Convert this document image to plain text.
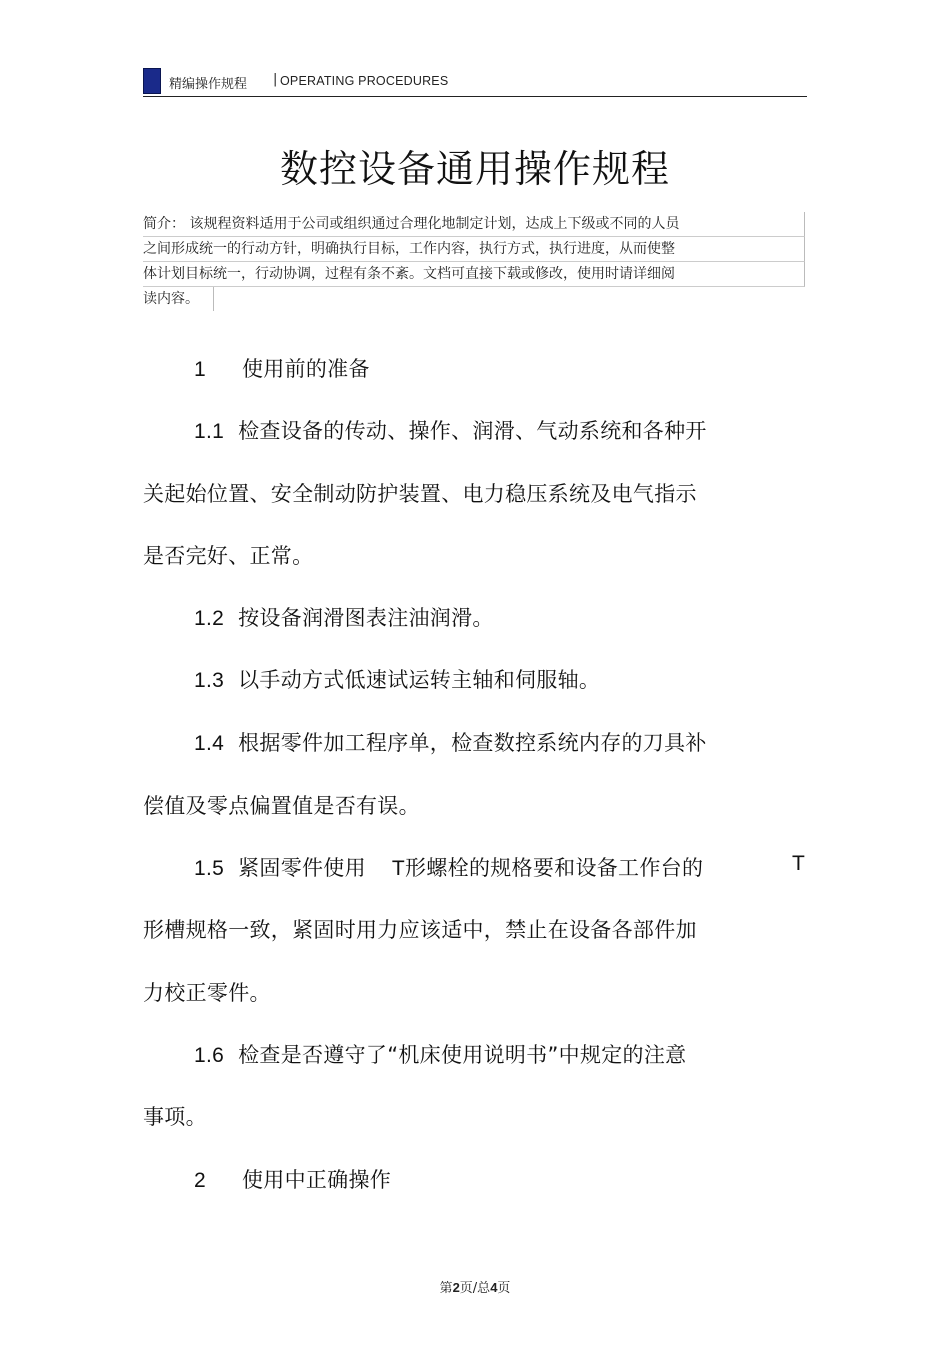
精编操作规程 | OPERATING PROCEDURES
数控设备通用操作规程
简介： 该规程资料适用于公司或组织通过合理化地制定计划，达成上下级或不同的人员
之间形成统一的行动方针，明确执行目标，工作内容，执行方式，执行进度，从而使整
体计划目标统一，行动协调，过程有条不紊。文档可直接下载或修改，使用时请详细阅
读内容。
1 使用前的准备
1.1 检查设备的传动、操作、润滑、气动系统和各种开
关起始位置、安全制动防护装置、电力稳压系统及电气指示
是否完好、正常。
1.2 按设备润滑图表注油润滑。
1.3 以手动方式低速试运转主轴和伺服轴。
1.4 根据零件加工程序单，检查数控系统内存的刀具补
偿值及零点偏置值是否有误。
1.5 紧固零件使用 T形螺栓的规格要和设备工作台的	T
形槽规格一致，紧固时用力应该适中，禁止在设备各部件加
力校正零件。
1.6 检查是否遵守了“机床使用说明书”中规定的注意
事项。
2 使用中正确操作
第2页/总4页
